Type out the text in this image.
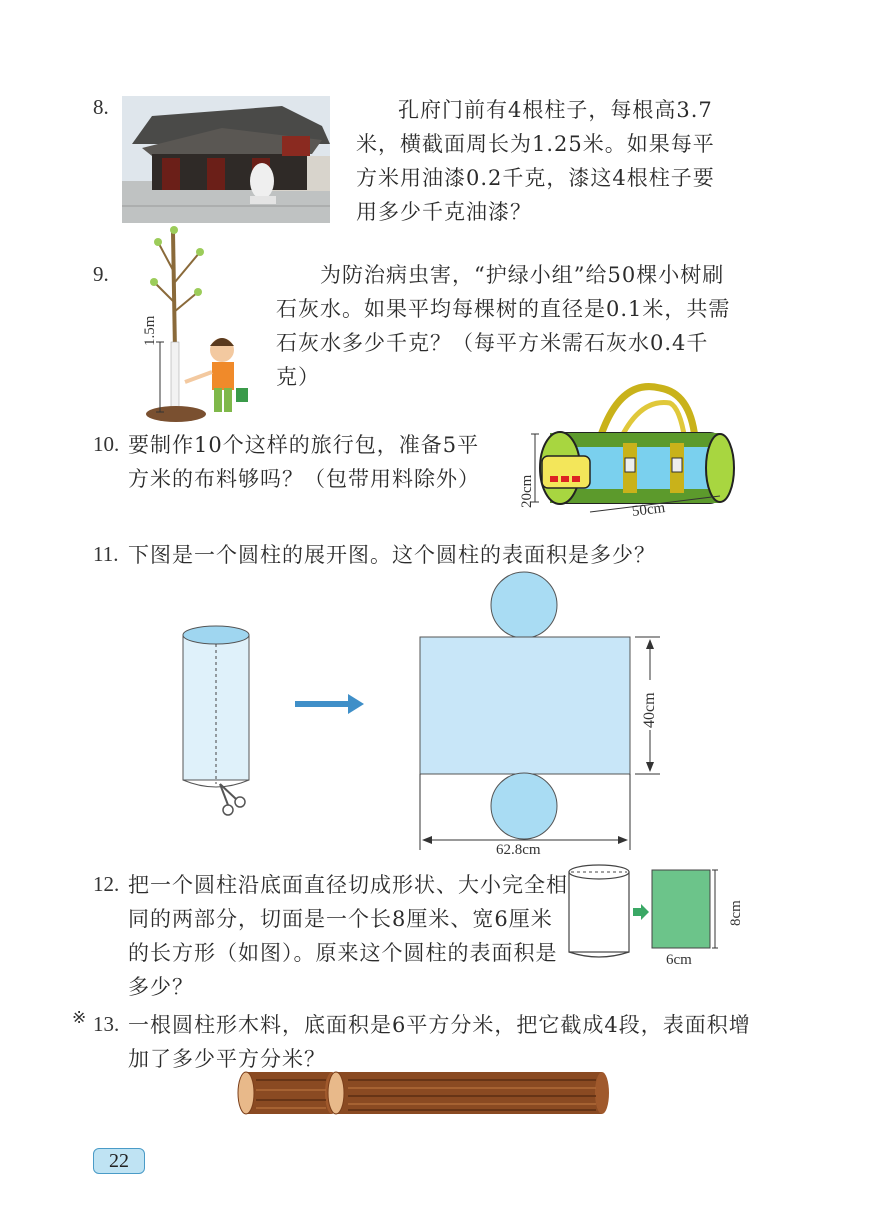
8.	孔府门前有4根柱子，每根高3.7米，横截面周长为1.25米。如果每平方米用油漆0.2千克，漆这4根柱子要用多少千克油漆？
9.
1.5m
为防治病虫害，“护绿小组”给50棵小树刷石灰水。如果平均每棵树的直径是0.1米，共需石灰水多少千克？（每平方米需石灰水0.4千克）
10. 要制作10个这样的旅行包，准备5平方米的布料够吗？（包带用料除外）	20cm
50cm
11. 下图是一个圆柱的展开图。这个圆柱的表面积是多少？
40cm
62.8cm
12. 把一个圆柱沿底面直径切成形状、大小完全相同的两部分，切面是一个长8厘米、宽6厘米的长方形（如图）。原来这个圆柱的表面积是多少？
8cm
6cm
※ 13. 一根圆柱形木料，底面积是6平方分米，把它截成4段，表面积增加了多少平方分米？
22
